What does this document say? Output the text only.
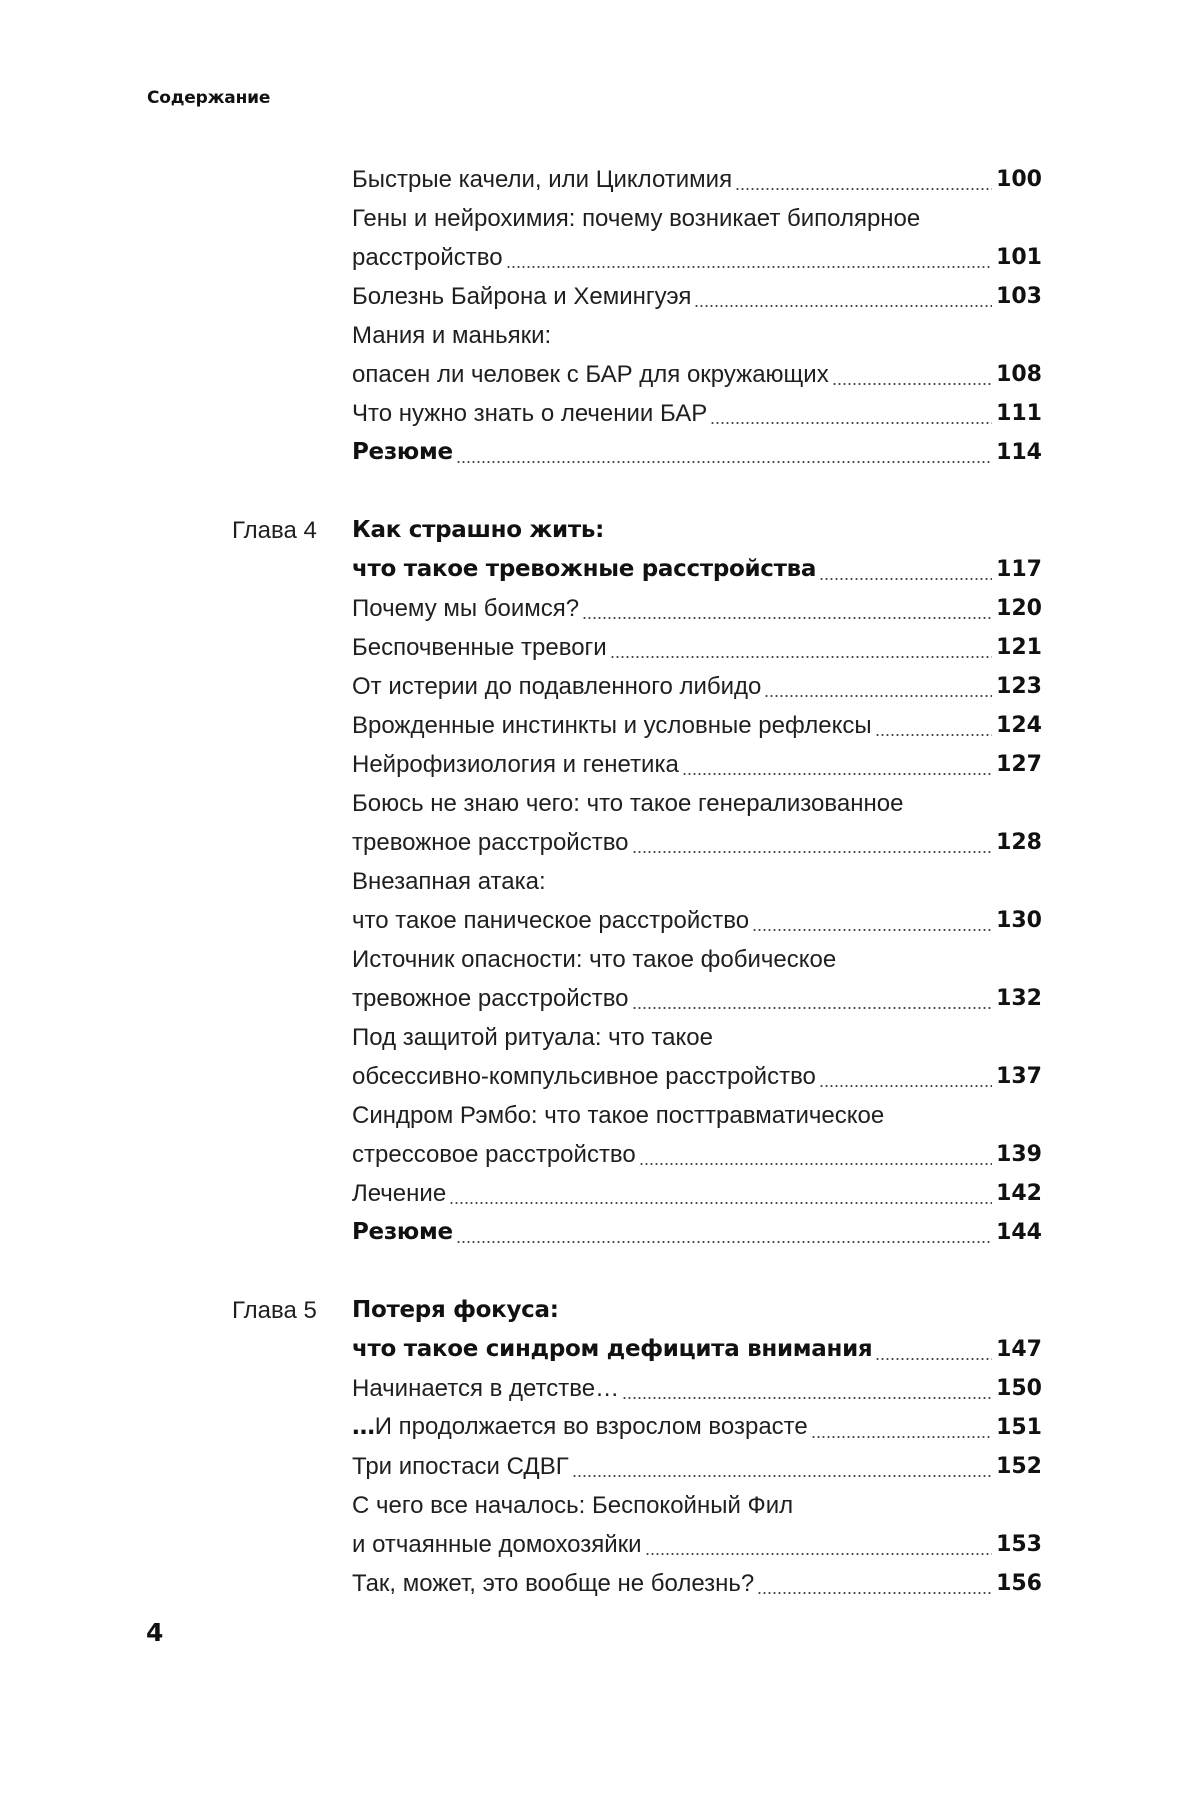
Содержание
Быстрые качели, или Циклотимия	100
Гены и нейрохимия: почему возникает биполярное
расстройство	101
Болезнь Байрона и Хемингуэя	103
Мания и маньяки:
опасен ли человек с БАР для окружающих	108
Что нужно знать о лечении БАР	111
Резюме	114
Глава 4 Как страшно жить:
что такое тревожные расстройства	117
Почему мы боимся?	120
Беспочвенные тревоги	121
От истерии до подавленного либидо	123
Врожденные инстинкты и условные рефлексы	124
Нейрофизиология и генетика	127
Боюсь не знаю чего: что такое генерализованное
тревожное расстройство	128
Внезапная атака:
что такое паническое расстройство	130
Источник опасности: что такое фобическое
тревожное расстройство	132
Под защитой ритуала: что такое
обсессивно-компульсивное расстройство	137
Синдром Рэмбо: что такое посттравматическое
стрессовое расстройство	139
Лечение	142
Резюме	144
Глава 5 Потеря фокуса:
что такое синдром дефицита внимания	147
Начинается в детстве…	150
…И продолжается во взрослом возрасте	151
Три ипостаси СДВГ	152
С чего все началось: Беспокойный Фил
и отчаянные домохозяйки	153
Так, может, это вообще не болезнь?	156
4
